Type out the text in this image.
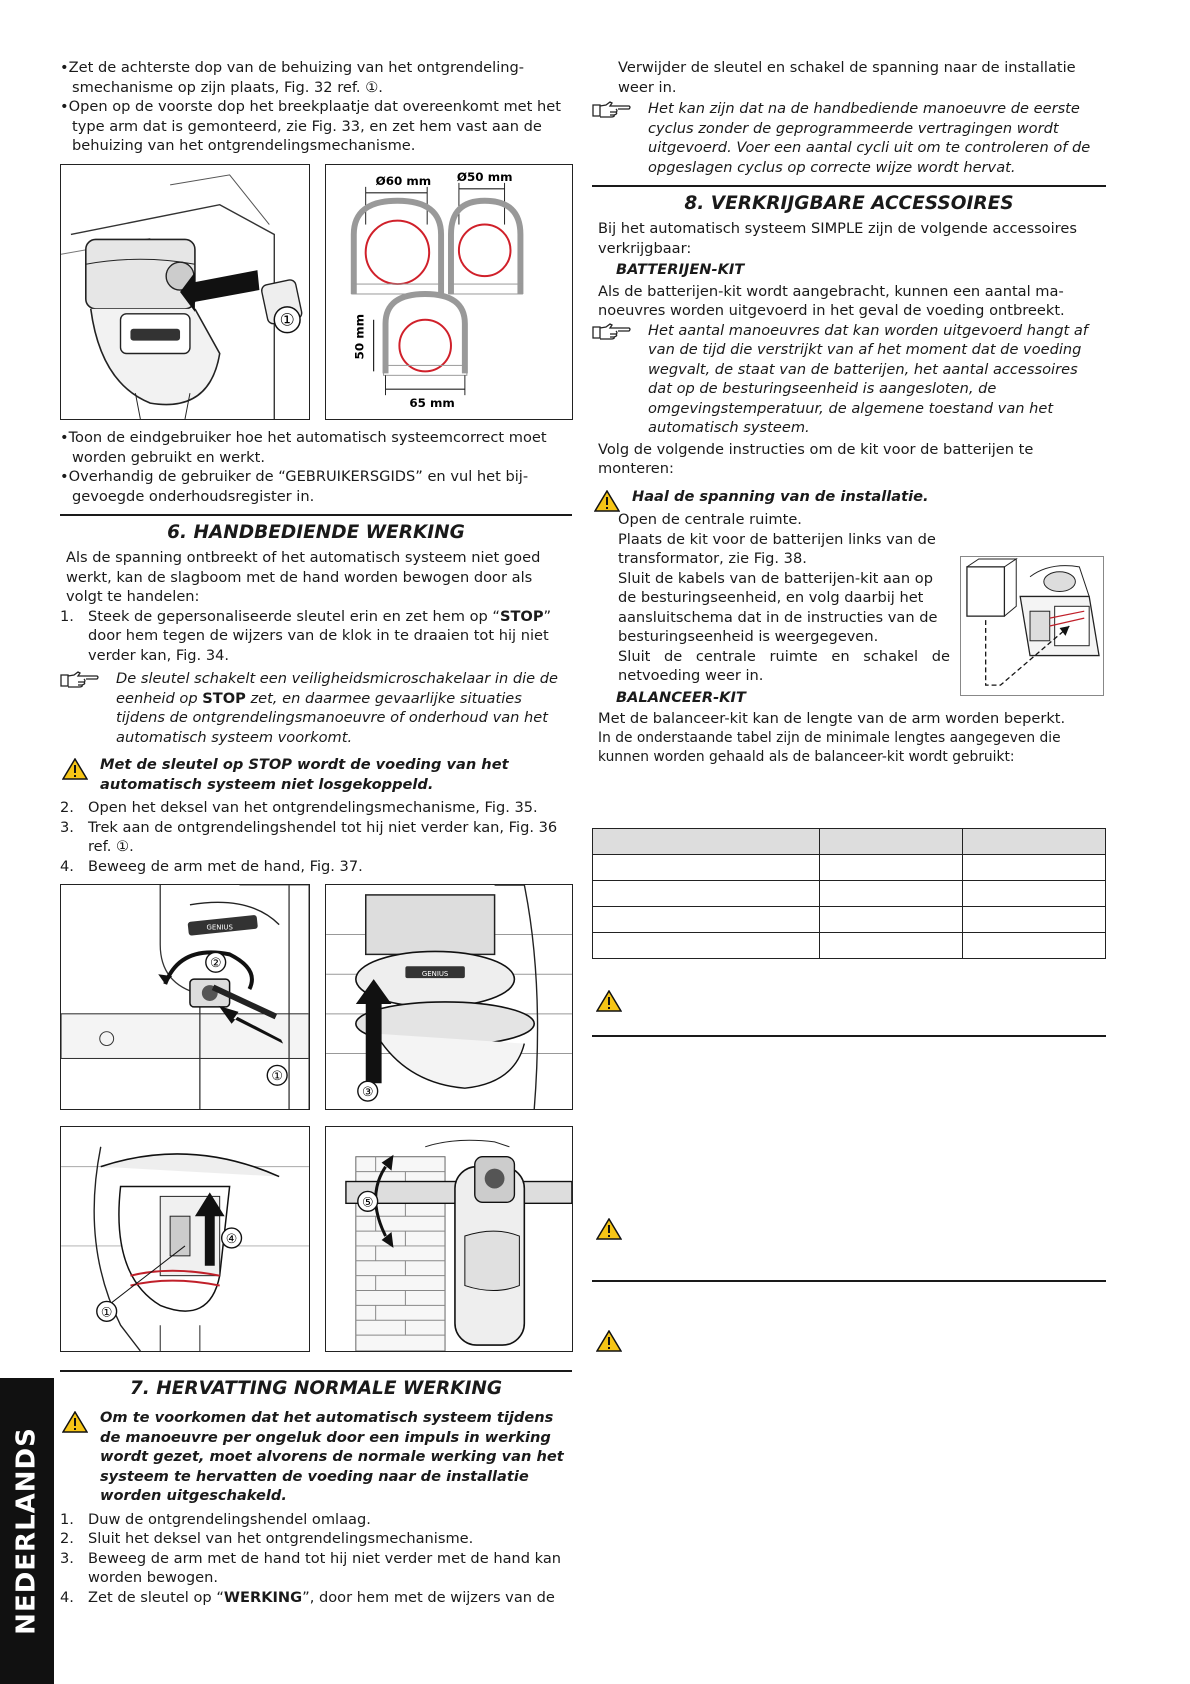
• Zet de achterste dop van de behuizing van het ontgrendelingsmechanisme op zijn plaats, Fig. 32 ref. ①.

• Open op de voorste dop het breekplaatje dat overeenkomt met het type arm dat is gemonteerd, zie Fig. 33, en zet hem vast aan de behuizing van het ontgrendelingsmechanisme.

①
Ø60 mm Ø50 mm
50 mm
65 mm

• Toon de eindgebruiker hoe het automatisch systeemcorrect moet worden gebruikt en werkt.

• Overhandig de gebruiker de “GEBRUIKERSGIDS” en vul het bijgevoegde onderhoudsregister in.

6. HANDBEDIENDE WERKING

Als de spanning ontbreekt of het automatisch systeem niet goed werkt, kan de slagboom met de hand worden bewogen door als volgt te handelen:

1. Steek de gepersonaliseerde sleutel erin en zet hem op “STOP” door hem tegen de wijzers van de klok in te draaien tot hij niet verder kan, Fig. 34.
De sleutel schakelt een veiligheidsmicroschakelaar in die de eenheid op STOP zet, en daarmee gevaarlijke situaties tijdens de ontgrendelingsmanoeuvre of onderhoud van het automatisch systeem voorkomt.
Met de sleutel op STOP wordt de voeding van het automatisch systeem niet losgekoppeld.
2. Open het deksel van het ontgrendelingsmechanisme, Fig. 35.
3. Trek aan de ontgrendelingshendel tot hij niet verder kan, Fig. 36 ref. ①.
4. Beweeg de arm met de hand, Fig. 37.
GENIUS
②
①
GENIUS
③
④
①
⑤
7. HERVATTING NORMALE WERKING
Om te voorkomen dat het automatisch systeem tijdens de manoeuvre per ongeluk door een impuls in werking wordt gezet, moet alvorens de normale werking van het systeem te hervatten de voeding naar de installatie worden uitgeschakeld.
1. Duw de ontgrendelingshendel omlaag.
2. Sluit het deksel van het ontgrendelingsmechanisme.
3. Beweeg de arm met de hand tot hij niet verder met de hand kan worden bewogen.
4. Zet de sleutel op “WERKING”, door hem met de wijzers van de

Verwijder de sleutel en schakel de spanning naar de installatie weer in.

Het kan zijn dat na de handbediende manoeuvre de eerste cyclus zonder de geprogrammeerde vertragingen wordt uitgevoerd. Voer een aantal cycli uit om te controleren of de opgeslagen cyclus op correcte wijze wordt hervat.
8. VERKRIJGBARE ACCESSOIRES

Bij het automatisch systeem SIMPLE zijn de volgende accessoires verkrijgbaar:

BATTERIJEN-KIT

Als de batterijen-kit wordt aangebracht, kunnen een aantal manoeuvres worden uitgevoerd in het geval de voeding ontbreekt.

Het aantal manoeuvres dat kan worden uitgevoerd hangt af van de tijd die verstrijkt van af het moment dat de voeding wegvalt, de staat van de batterijen, het aantal accessoires dat op de besturingseenheid is aangesloten, de omgevingstemperatuur, de algemene toestand van het automatisch systeem.

Volg de volgende instructies om de kit voor de batterijen te monteren:

Haal de spanning van de installatie.

Open de centrale ruimte.

Plaats de kit voor de batterijen links van de transformator, zie Fig. 38.

Sluit de kabels van de batterijen-kit aan op de besturingseenheid, en volg daarbij het aansluitschema dat in de instructies van de besturingseenheid is weergegeven.

Sluit de centrale ruimte en schakel de netvoeding weer in.

BALANCEER-KIT

Met de balanceer-kit kan de lengte van de arm worden beperkt.

In de onderstaande tabel zijn de minimale lengtes aangegeven die kunnen worden gehaald als de balanceer-kit wordt gebruikt:

NEDERLANDS
